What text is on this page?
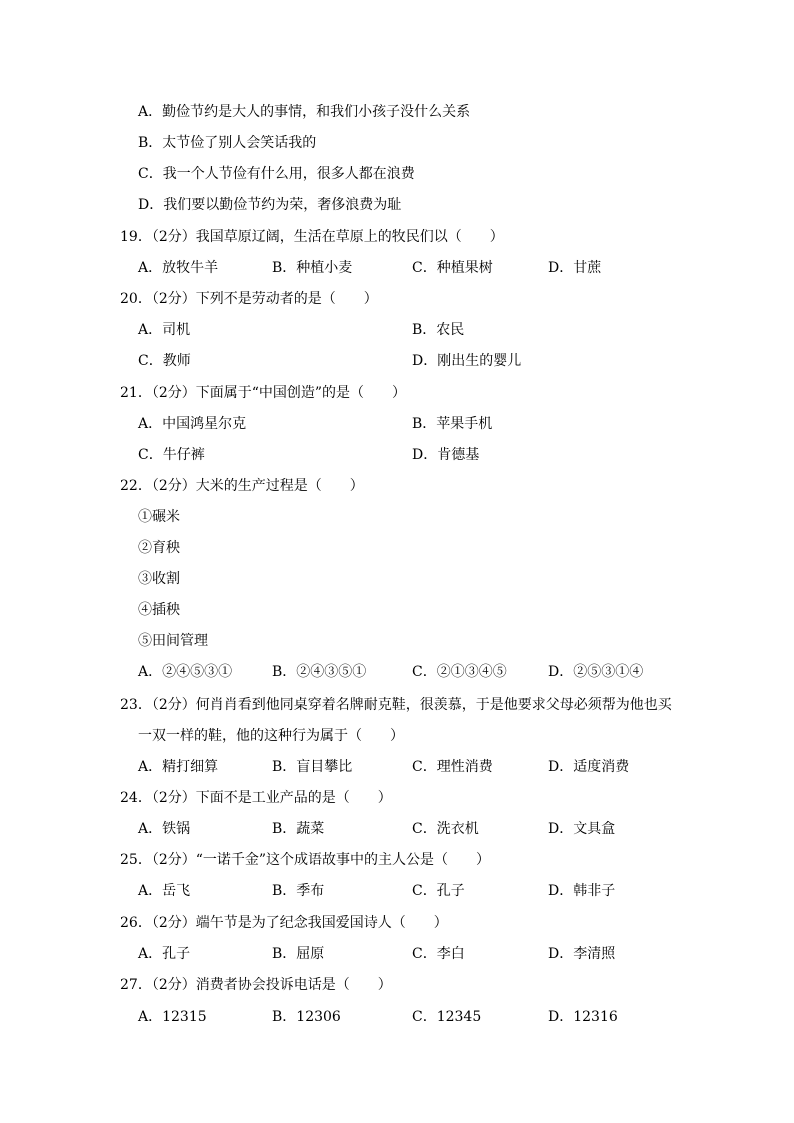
A．勤俭节约是大人的事情，和我们小孩子没什么关系
B．太节俭了别人会笑话我的
C．我一个人节俭有什么用，很多人都在浪费
D．我们要以勤俭节约为荣，奢侈浪费为耻
19．（2分）我国草原辽阔，生活在草原上的牧民们以（　　）
A．放牧牛羊	B．种植小麦	C．种植果树	D．甘蔗
20．（2分）下列不是劳动者的是（　　）
A．司机	B．农民
C．教师	D．刚出生的婴儿
21．（2分）下面属于“中国创造”的是（　　）
A．中国鸿星尔克	B．苹果手机
C．牛仔裤	D．肯德基
22．（2分）大米的生产过程是（　　）
①碾米
②育秧
③收割
④插秧
⑤田间管理
A．②④⑤③①	B．②④③⑤①	C．②①③④⑤	D．②⑤③①④
23．（2分）何肖肖看到他同桌穿着名牌耐克鞋，很羡慕，于是他要求父母必须帮为他也买
一双一样的鞋，他的这种行为属于（　　）
A．精打细算	B．盲目攀比	C．理性消费	D．适度消费
24．（2分）下面不是工业产品的是（　　）
A．铁锅	B．蔬菜	C．洗衣机	D．文具盒
25．（2分）“一诺千金”这个成语故事中的主人公是（　　）
A．岳飞	B．季布	C．孔子	D．韩非子
26．（2分）端午节是为了纪念我国爱国诗人（　　）
A．孔子	B．屈原	C．李白	D．李清照
27．（2分）消费者协会投诉电话是（　　）
A．12315	B．12306	C．12345	D．12316
